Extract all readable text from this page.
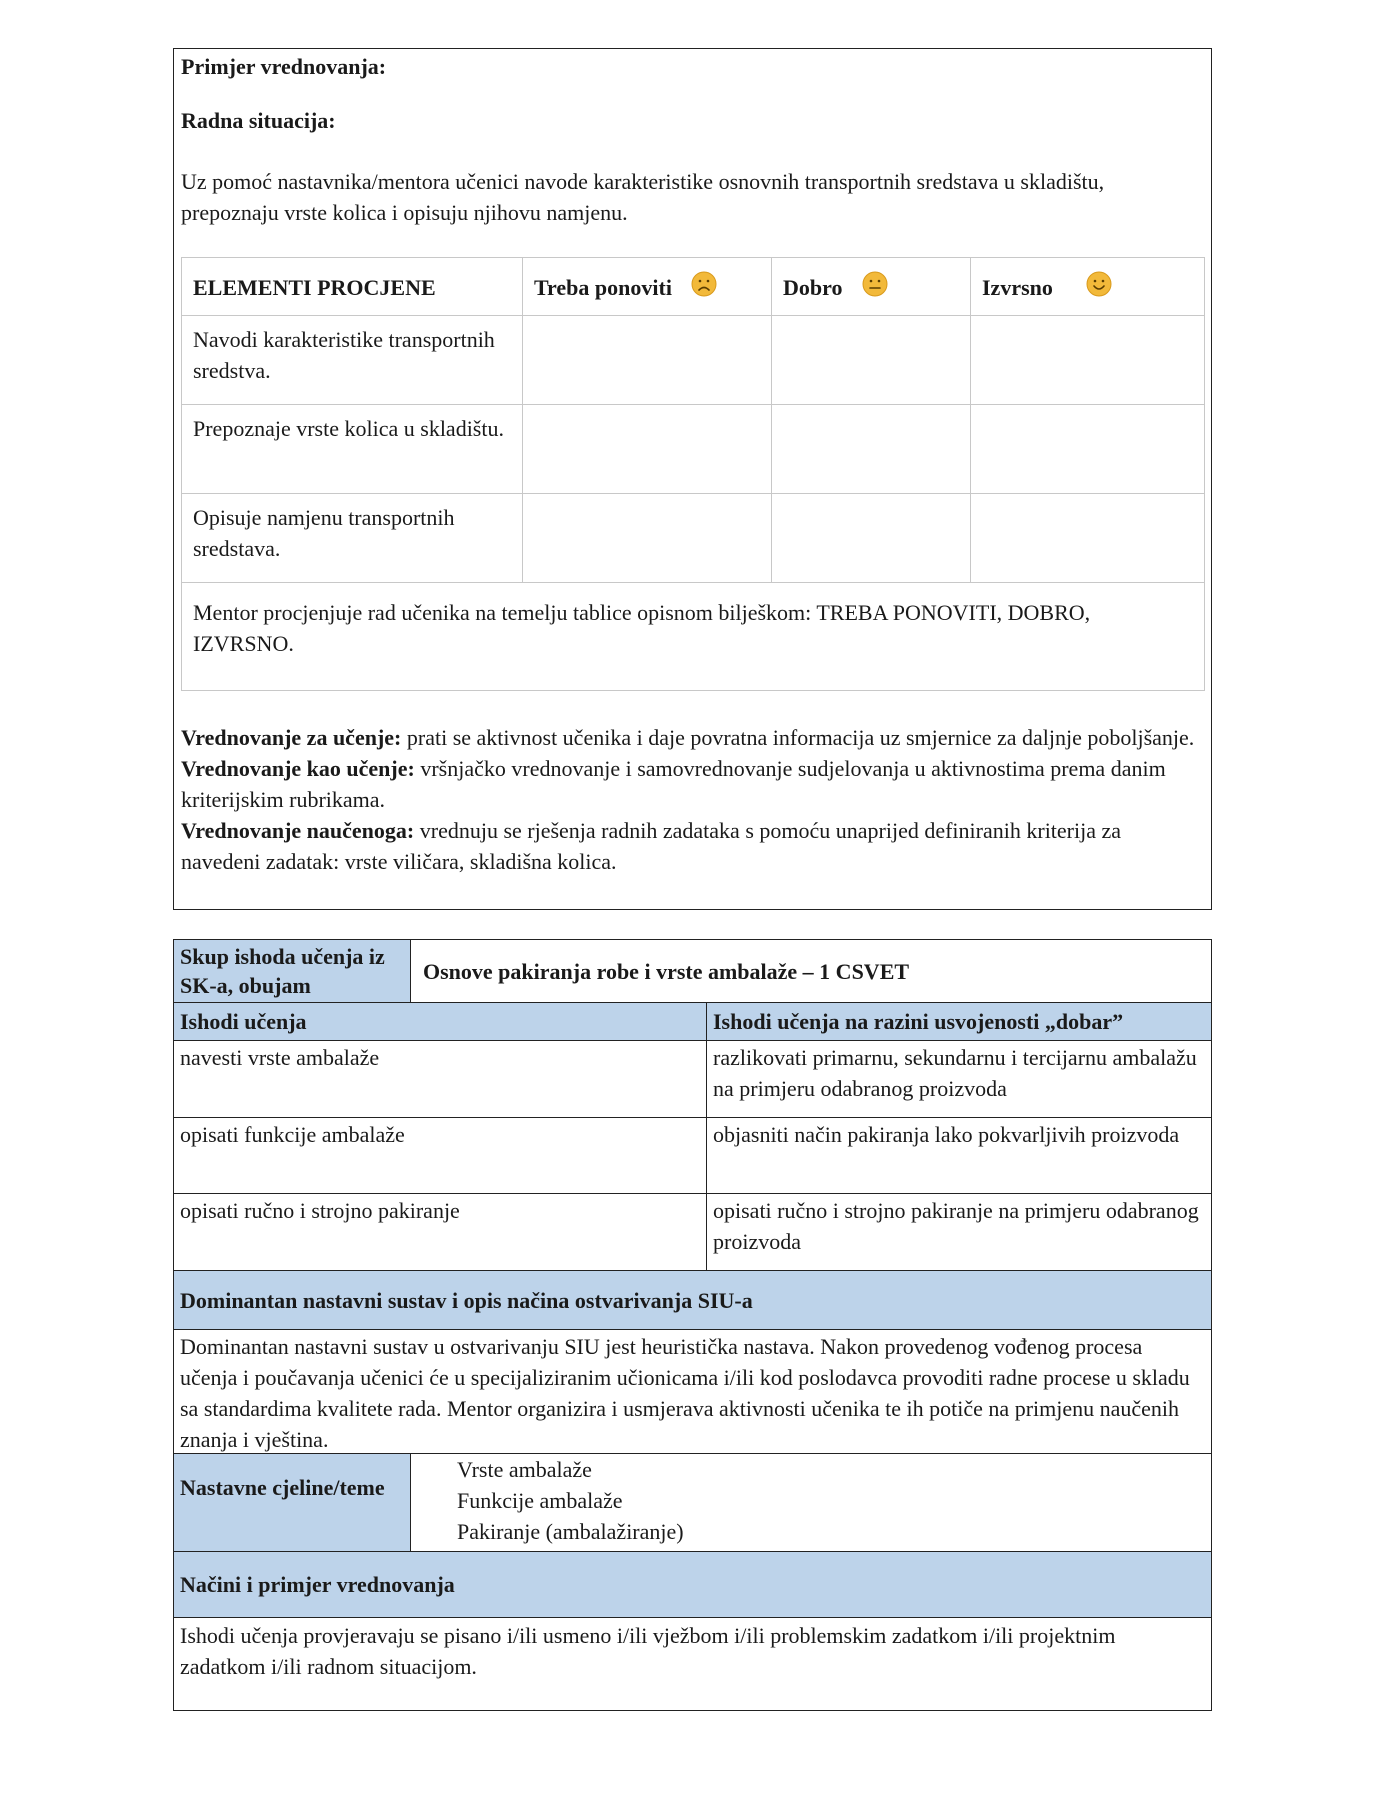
Primjer vrednovanja:
Radna situacija:
Uz pomoć nastavnika/mentora učenici navode karakteristike osnovnih transportnih sredstava u skladištu, prepoznaju vrste kolica i opisuju njihovu namjenu.
ELEMENTI PROCJENE	Treba ponoviti	Dobro	Izvrsno
Navodi karakteristike transportnih sredstva.
Prepoznaje vrste kolica u skladištu.
Opisuje namjenu transportnih sredstava.
Mentor procjenjuje rad učenika na temelju tablice opisnom bilješkom: TREBA PONOVITI, DOBRO, IZVRSNO.

Vrednovanje za učenje: prati se aktivnost učenika i daje povratna informacija uz smjernice za daljnje poboljšanje.

Vrednovanje kao učenje: vršnjačko vrednovanje i samovrednovanje sudjelovanja u aktivnostima prema danim kriterijskim rubrikama.

Vrednovanje naučenoga: vrednuju se rješenja radnih zadataka s pomoću unaprijed definiranih kriterija za navedeni zadatak: vrste viličara, skladišna kolica.

Skup ishoda učenja iz SK-a, obujam
Osnove pakiranja robe i vrste ambalaže – 1 CSVET
Ishodi učenja	Ishodi učenja na razini usvojenosti „dobar”
navesti vrste ambalaže	razlikovati primarnu, sekundarnu i tercijarnu ambalažu na primjeru odabranog proizvoda
opisati funkcije ambalaže	objasniti način pakiranja lako pokvarljivih proizvoda
opisati ručno i strojno pakiranje	opisati ručno i strojno pakiranje na primjeru odabranog proizvoda
Dominantan nastavni sustav i opis načina ostvarivanja SIU-a
Dominantan nastavni sustav u ostvarivanju SIU jest heuristička nastava. Nakon provedenog vođenog procesa učenja i poučavanja učenici će u specijaliziranim učionicama i/ili kod poslodavca provoditi radne procese u skladu sa standardima kvalitete rada. Mentor organizira i usmjerava aktivnosti učenika te ih potiče na primjenu naučenih znanja i vještina.
Nastavne cjeline/teme
Vrste ambalaže
Funkcije ambalaže
Pakiranje (ambalažiranje)
Načini i primjer vrednovanja
Ishodi učenja provjeravaju se pisano i/ili usmeno i/ili vježbom i/ili problemskim zadatkom i/ili projektnim zadatkom i/ili radnom situacijom.
